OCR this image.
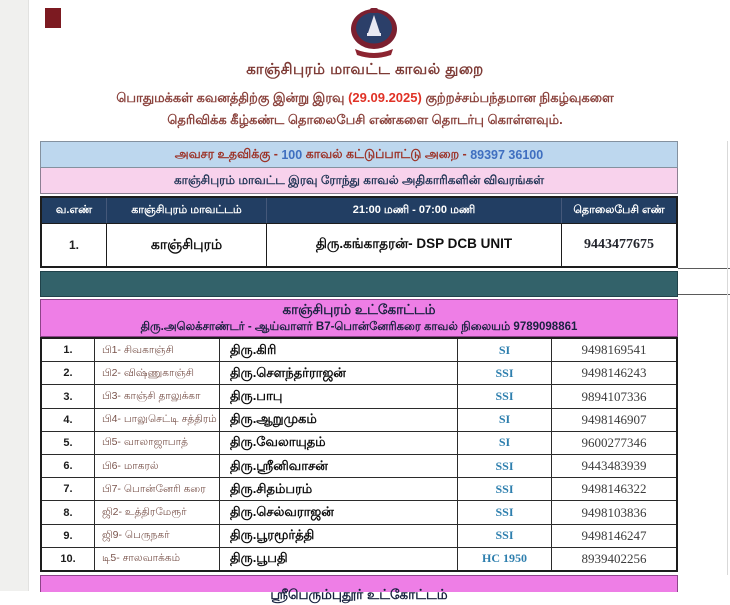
காஞ்சிபுரம் மாவட்ட காவல் துறை
பொதுமக்கள் கவனத்திற்கு இன்று இரவு (29.09.2025) குற்றச்சம்பந்தமான நிகழ்வுகளை
தெரிவிக்க கீழ்கண்ட தொலைபேசி எண்களை தொடர்பு கொள்ளவும்.
அவசர உதவிக்கு - 100 காவல் கட்டுப்பாட்டு அறை - 89397 36100
காஞ்சிபுரம் மாவட்ட இரவு ரோந்து காவல் அதிகாரிகளின் விவரங்கள்
வ.எண்	காஞ்சிபுரம் மாவட்டம்	21:00 மணி - 07:00 மணி	தொலைபேசி எண்
1.	காஞ்சிபுரம்	திரு.கங்காதரன்- DSP DCB UNIT	9443477675
காஞ்சிபுரம் உட்கோட்டம்
திரு.அலெக்சாண்டர் - ஆய்வாளர் B7-பொன்னேரிகரை காவல் நிலையம் 9789098861
1.	பி1- சிவகாஞ்சி	திரு.கிரி	SI	9498169541
2.	பி2- விஷ்ணுகாஞ்சி	திரு.சௌந்தர்ராஜன்	SSI	9498146243
3.	பி3- காஞ்சி தாலுக்கா	திரு.பாபு	SSI	9894107336
4.	பி4- பாலுசெட்டி சத்திரம்	திரு.ஆறுமுகம்	SI	9498146907
5.	பி5- வாலாஜாபாத்	திரு.வேலாயுதம்	SI	9600277346
6.	பி6- மாகரல்	திரு.ஸ்ரீனிவாசன்	SSI	9443483939
7.	பி7- பொன்னேரி கரை	திரு.சிதம்பரம்	SSI	9498146322
8.	ஜி2- உத்திரமேரூர்	திரு.செல்வராஜன்	SSI	9498103836
9.	ஜி9- பெருநகர்	திரு.பூரமூர்த்தி	SSI	9498146247
10.	டி5- சாலவாக்கம்	திரு.பூபதி	HC 1950	8939402256
ஸ்ரீபெரும்புதூர் உட்கோட்டம்
